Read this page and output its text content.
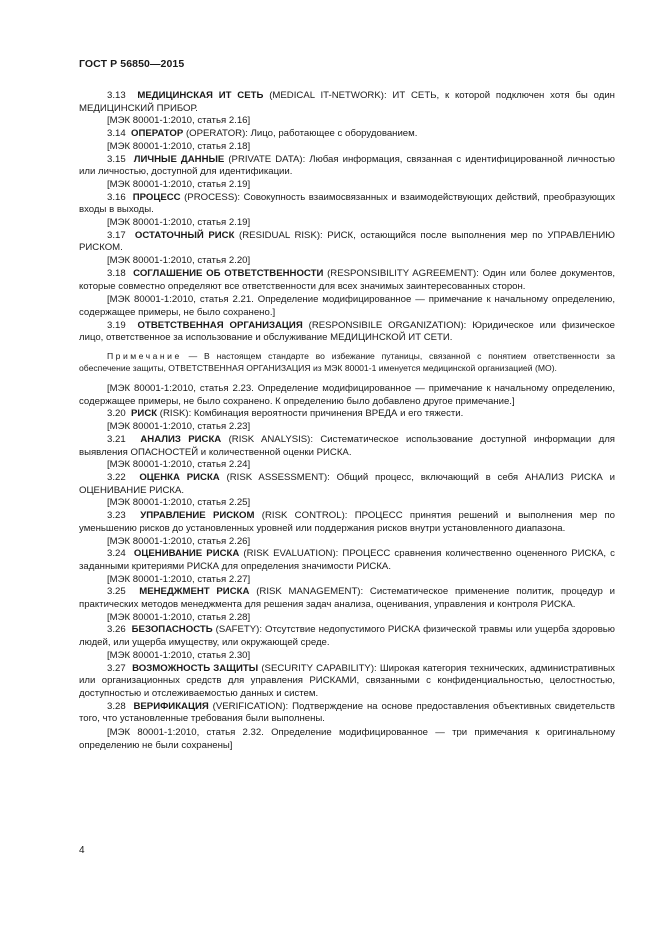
ГОСТ Р 56850—2015

3.13 МЕДИЦИНСКАЯ ИТ СЕТЬ (MEDICAL IT-NETWORK): ИТ СЕТЬ, к которой подключен хотя бы один МЕДИЦИНСКИЙ ПРИБОР.

[МЭК 80001-1:2010, статья 2.16]

3.14 ОПЕРАТОР (OPERATOR): Лицо, работающее с оборудованием.

[МЭК 80001-1:2010, статья 2.18]

3.15 ЛИЧНЫЕ ДАННЫЕ (PRIVATE DATA): Любая информация, связанная с идентифицированной личностью или личностью, доступной для идентификации.

[МЭК 80001-1:2010, статья 2.19]

3.16 ПРОЦЕСС (PROCESS): Совокупность взаимосвязанных и взаимодействующих действий, преобразующих входы в выходы.

[МЭК 80001-1:2010, статья 2.19]

3.17 ОСТАТОЧНЫЙ РИСК (RESIDUAL RISK): РИСК, остающийся после выполнения мер по УПРАВЛЕНИЮ РИСКОМ.

[МЭК 80001-1:2010, статья 2.20]

3.18 СОГЛАШЕНИЕ ОБ ОТВЕТСТВЕННОСТИ (RESPONSIBILITY AGREEMENT): Один или более документов, которые совместно определяют все ответственности для всех значимых заинтересованных сторон.

[МЭК 80001-1:2010, статья 2.21. Определение модифицированное — примечание к начальному определению, содержащее примеры, не было сохранено.]

3.19 ОТВЕТСТВЕННАЯ ОРГАНИЗАЦИЯ (RESPONSIBILE ORGANIZATION): Юридическое или физическое лицо, ответственное за использование и обслуживание МЕДИЦИНСКОЙ ИТ СЕТИ.

Примечание — В настоящем стандарте во избежание путаницы, связанной с понятием ответственности за обеспечение защиты, ОТВЕТСТВЕННАЯ ОРГАНИЗАЦИЯ из МЭК 80001-1 именуется медицинской организацией (МО).

[МЭК 80001-1:2010, статья 2.23. Определение модифицированное — примечание к начальному определению, содержащее примеры, не было сохранено. К определению было добавлено другое примечание.]

3.20 РИСК (RISK): Комбинация вероятности причинения ВРЕДА и его тяжести.

[МЭК 80001-1:2010, статья 2.23]

3.21 АНАЛИЗ РИСКА (RISK ANALYSIS): Систематическое использование доступной информации для выявления ОПАСНОСТЕЙ и количественной оценки РИСКА.

[МЭК 80001-1:2010, статья 2.24]

3.22 ОЦЕНКА РИСКА (RISK ASSESSMENT): Общий процесс, включающий в себя АНАЛИЗ РИСКА и ОЦЕНИВАНИЕ РИСКА.

[МЭК 80001-1:2010, статья 2.25]

3.23 УПРАВЛЕНИЕ РИСКОМ (RISK CONTROL): ПРОЦЕСС принятия решений и выполнения мер по уменьшению рисков до установленных уровней или поддержания рисков внутри установленного диапазона.

[МЭК 80001-1:2010, статья 2.26]

3.24 ОЦЕНИВАНИЕ РИСКА (RISK EVALUATION): ПРОЦЕСС сравнения количественно оцененного РИСКА, с заданными критериями РИСКА для определения значимости РИСКА.

[МЭК 80001-1:2010, статья 2.27]

3.25 МЕНЕДЖМЕНТ РИСКА (RISK MANAGEMENT): Систематическое применение политик, процедур и практических методов менеджмента для решения задач анализа, оценивания, управления и контроля РИСКА.

[МЭК 80001-1:2010, статья 2.28]

3.26 БЕЗОПАСНОСТЬ (SAFETY): Отсутствие недопустимого РИСКА физической травмы или ущерба здоровью людей, или ущерба имуществу, или окружающей среде.

[МЭК 80001-1:2010, статья 2.30]

3.27 ВОЗМОЖНОСТЬ ЗАЩИТЫ (SECURITY CAPABILITY): Широкая категория технических, административных или организационных средств для управления РИСКАМИ, связанными с конфиденциальностью, целостностью, доступностью и отслеживаемостью данных и систем.

3.28 ВЕРИФИКАЦИЯ (VERIFICATION): Подтверждение на основе предоставления объективных свидетельств того, что установленные требования были выполнены.

[МЭК 80001-1:2010, статья 2.32. Определение модифицированное — три примечания к оригинальному определению не были сохранены]

4
